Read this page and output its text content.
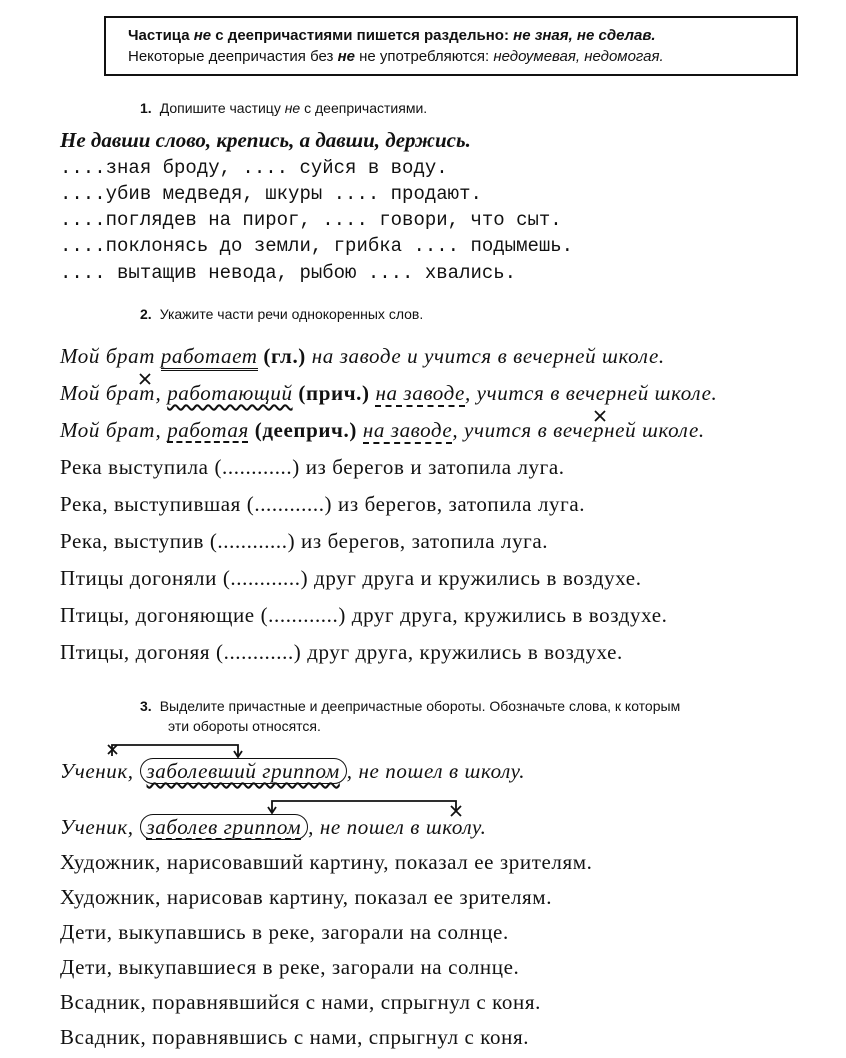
Частица не с деепричастиями пишется раздельно: не зная, не сделав.
Некоторые деепричастия без не не употребляются: недоумевая, недомогая.
1. Допишите частицу не с деепричастиями.
Не давши слово, крепись, а давши, держись.
....зная броду, .... суйся в воду.
....убив медведя, шкуры .... продают.
....поглядев на пирог, .... говори, что сыт.
....поклонясь до земли, грибка .... подымешь.
.... вытащив невода, рыбою .... хвались.
2. Укажите части речи однокоренных слов.
Мой брат работает (гл.) на заводе и учится в вечерней школе.
Мой брат, работающий (прич.) на заводе, учится в вечерней школе.
Мой брат, работая (дееприч.) на заводе, учится в вечерней школе.
Река выступила (............) из берегов и затопила луга.
Река, выступившая (............) из берегов, затопила луга.
Река, выступив (............) из берегов, затопила луга.
Птицы догоняли (............) друг друга и кружились в воздухе.
Птицы, догоняющие (............) друг друга, кружились в воздухе.
Птицы, догоняя (............) друг друга, кружились в воздухе.
3. Выделите причастные и деепричастные обороты. Обозначьте слова, к которым
эти обороты относятся.
Ученик, заболевший гриппом , не пошел в школу.
Ученик, заболев гриппом , не пошел в школу.
Художник, нарисовавший картину, показал ее зрителям.
Художник, нарисовав картину, показал ее зрителям.
Дети, выкупавшись в реке, загорали на солнце.
Дети, выкупавшиеся в реке, загорали на солнце.
Всадник, поравнявшийся с нами, спрыгнул с коня.
Всадник, поравнявшись с нами, спрыгнул с коня.
